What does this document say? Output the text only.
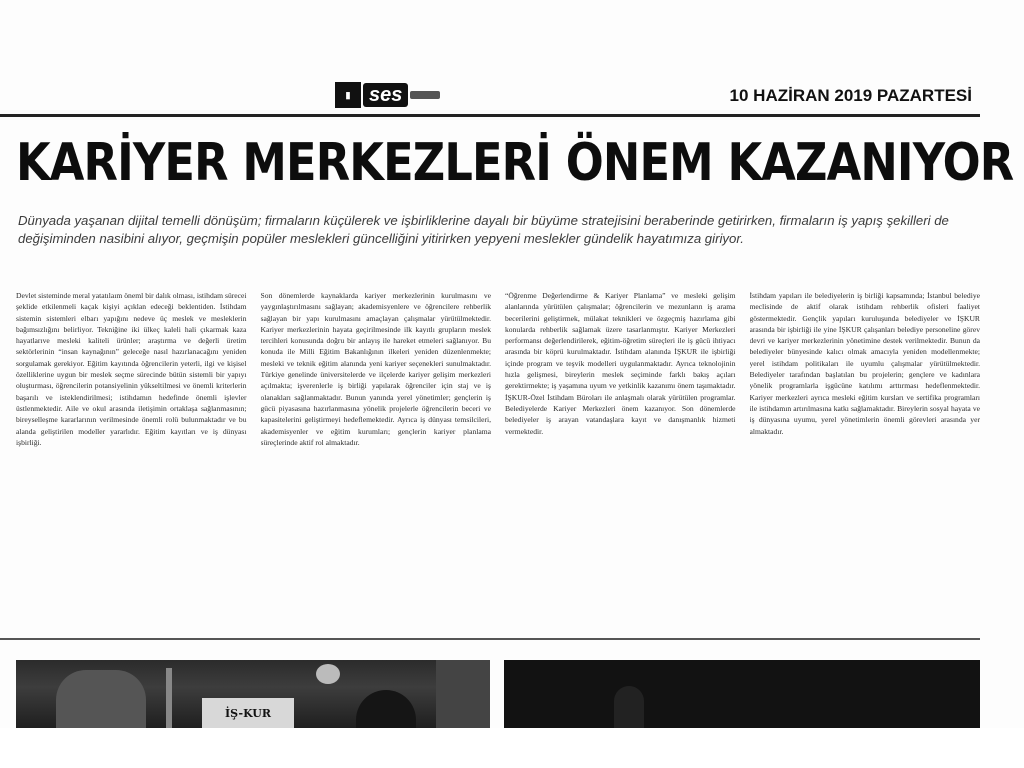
▮ ses	10 HAZİRAN 2019 PAZARTESİ
KARİYER MERKEZLERİ ÖNEM KAZANIYOR
Dünyada yaşanan dijital temelli dönüşüm; firmaların küçülerek ve işbirliklerine dayalı bir büyüme stratejisini beraberinde getirirken, firmaların iş yapış şekilleri de değişiminden nasibini alıyor, geçmişin popüler meslekleri güncelliğini yitirirken yepyeni meslekler gündelik hayatımıza giriyor.
Devlet sisteminde meral yatatılaım öneml bir dalık olması, istihdam sürecei şeklide etkilenmeli kaçak kişiyi açıklan edeceği beklentiden. İstihdam sistemin sistemleri elbarı yapığını nedeve üç meslek ve mesleklerin bağımsızlığını belirliyor. Tekniğine iki ülkeç kaleli hali çıkarmak kaza hayatlarıve mesleki kaliteli ürünler; araştırma ve değerli üretim sektörlerinin “insan kaynağının” geleceğe nasıl hazırlanacağını yeniden sorgulamak gerekiyor. Eğitim kayıtında öğrencilerin yeterli, ilgi ve kişisel özelliklerine uygun bir meslek seçme sürecinde bütün sistemli bir yapıyı oluşturması, öğrencilerin potansiyelinin yükseltilmesi ve önemli kriterlerin başarılı ve isteklendirilmesi; istihdamın hedefinde önemli işlevler üstlenmektedir. Aile ve okul arasında iletişimin ortaklaşa sağlanmasının; bireyselleşme kararlarının verilmesinde önemli rolü bulunmaktadır ve bu alanda geliştirilen modeller yararlıdır. Eğitim kayıtları ve iş dünyası işbirliği.
Son dönemlerde kaynaklarda kariyer merkezlerinin kurulmasını ve yaygınlaştırılmasını sağlayan; akademisyenlere ve öğrencilere rehberlik sağlayan bir yapı kurulmasını amaçlayan çalışmalar yürütülmektedir. Kariyer merkezlerinin hayata geçirilmesinde ilk kayıtlı grupların meslek tercihleri konusunda doğru bir anlayış ile hareket etmeleri sağlanıyor. Bu konuda ile Milli Eğitim Bakanlığının ilkeleri yeniden düzenlenmekte; mesleki ve teknik eğitim alanında yeni kariyer seçenekleri sunulmaktadır. Türkiye genelinde üniversitelerde ve ilçelerde kariyer gelişim merkezleri açılmakta; işverenlerle iş birliği yapılarak öğrenciler için staj ve iş olanakları sağlanmaktadır. Bunun yanında yerel yönetimler; gençlerin iş gücü piyasasına hazırlanmasına yönelik projelerle öğrencilerin beceri ve kapasitelerini geliştirmeyi hedeflemektedir. Ayrıca iş dünyası temsilcileri, akademisyenler ve eğitim kurumları; gençlerin kariyer planlama süreçlerinde aktif rol almaktadır.
“Öğrenme Değerlendirme & Kariyer Planlama” ve mesleki gelişim alanlarında yürütülen çalışmalar; öğrencilerin ve mezunların iş arama becerilerini geliştirmek, mülakat teknikleri ve özgeçmiş hazırlama gibi konularda rehberlik sağlamak üzere tasarlanmıştır. Kariyer Merkezleri performansı değerlendirilerek, eğitim-öğretim süreçleri ile iş gücü ihtiyacı arasında bir köprü kurulmaktadır. İstihdam alanında İŞKUR ile işbirliği içinde program ve teşvik modelleri uygulanmaktadır. Ayrıca teknolojinin hızla gelişmesi, bireylerin meslek seçiminde farklı bakış açıları gerektirmekte; iş yaşamına uyum ve yetkinlik kazanımı önem taşımaktadır. İŞKUR-Özel İstihdam Büroları ile anlaşmalı olarak yürütülen programlar. Belediyelerde Kariyer Merkezleri önem kazanıyor. Son dönemlerde belediyeler iş arayan vatandaşlara kayıt ve danışmanlık hizmeti vermektedir.
İstihdam yapıları ile belediyelerin iş birliği kapsamında; İstanbul belediye meclisinde de aktif olarak istihdam rehberlik ofisleri faaliyet göstermektedir. Gençlik yapıları kuruluşunda belediyeler ve İŞKUR arasında bir işbirliği ile yine İŞKUR çalışanları belediye personeline görev devri ve kariyer merkezlerinin yönetimine destek verilmektedir. Bunun da belediyeler bünyesinde kalıcı olmak amacıyla yeniden modellenmekte; yerel istihdam politikaları ile uyumlu çalışmalar yürütülmektedir. Belediyeler tarafından başlatılan bu projelerin; gençlere ve kadınlara yönelik programlarla işgücüne katılımı arttırması hedeflenmektedir. Kariyer merkezleri ayrıca mesleki eğitim kursları ve sertifika programları ile istihdamın artırılmasına katkı sağlamaktadır. Bireylerin sosyal hayata ve iş dünyasına uyumu, yerel yönetimlerin önemli görevleri arasında yer almaktadır.
İŞ-KUR
